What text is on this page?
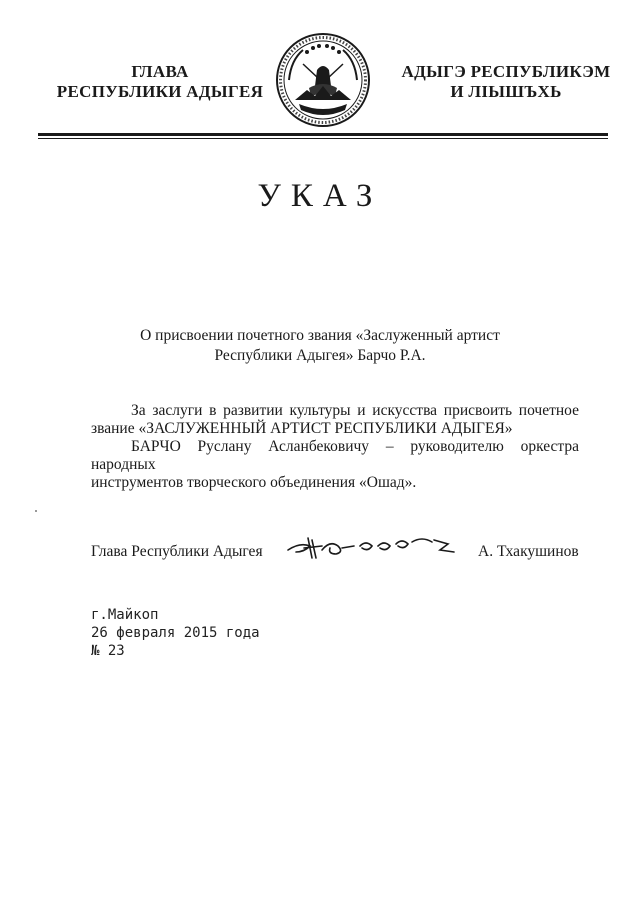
ГЛАВА
РЕСПУБЛИКИ АДЫГЕЯ
АДЫГЭ РЕСПУБЛИКЭМ
И ЛІЫШЪХЬ
УКАЗ
О присвоении почетного звания «Заслуженный артист
Республики Адыгея» Барчо Р.А.
За заслуги в развитии культуры и искусства присвоить почетное
звание «ЗАСЛУЖЕННЫЙ АРТИСТ РЕСПУБЛИКИ АДЫГЕЯ»
БАРЧО Руслану Асланбековичу – руководителю оркестра народных
инструментов творческого объединения «Ошад».
Глава Республики Адыгея	А. Тхакушинов
г.Майкоп
26 февраля 2015 года
№ 23
